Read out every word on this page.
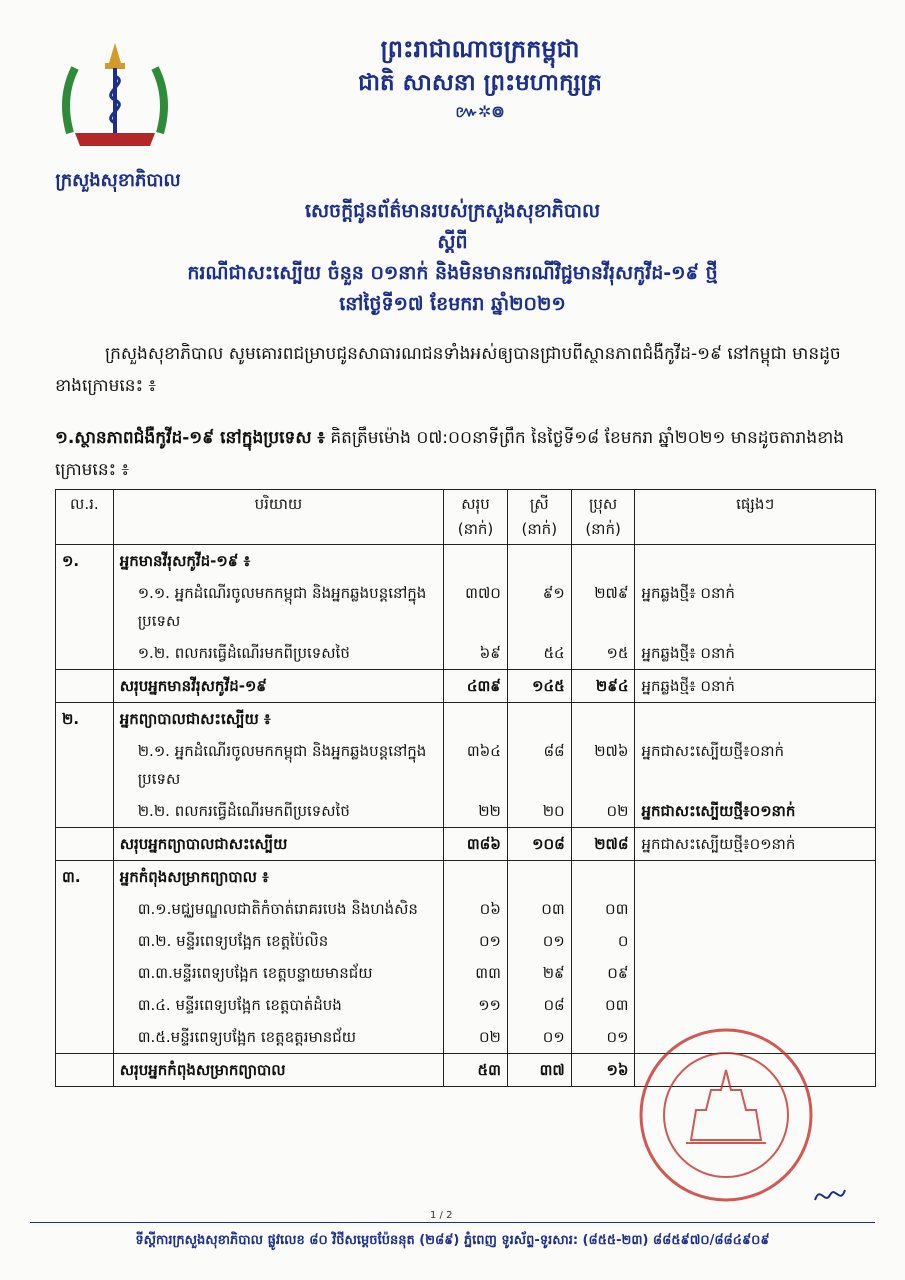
ក្រសួងសុខាភិបាល
ព្រះរាជាណាចក្រកម្ពុជា
ជាតិ សាសនា ព្រះមហាក្សត្រ
៚✲៙
សេចក្តីជូនព័ត៌មានរបស់ក្រសួងសុខាភិបាល
ស្តីពី
ករណីជាសះស្បើយ ចំនួន ០១នាក់ និងមិនមានករណីវិជ្ជមានវីរុសកូវីដ-១៩ ថ្មី
នៅថ្ងៃទី១៧ ខែមករា ឆ្នាំ២០២១
ក្រសួងសុខាភិបាល សូមគោរពជម្រាបជូនសាធារណជនទាំងអស់ឲ្យបានជ្រាបពីស្ថានភាពជំងឺកូវីដ-១៩ នៅកម្ពុជា មានដូចខាងក្រោមនេះ ៖
១.ស្ថានភាពជំងឺកូវីដ-១៩ នៅក្នុងប្រទេស ៖ គិតត្រឹមម៉ោង ០៧:០០នាទីព្រឹក នៃថ្ងៃទី១៨ ខែមករា ឆ្នាំ២០២១ មានដូចតារាងខាងក្រោមនេះ ៖
ល.រ.	បរិយាយ	សរុប (នាក់)	ស្រី (នាក់)	ប្រុស (នាក់)	ផ្សេងៗ
១.	អ្នកមានវីរុសកូវីដ-១៩ ៖				
	១.១. អ្នកដំណើរចូលមកកម្ពុជា និងអ្នកឆ្លងបន្តនៅក្នុងប្រទេស	៣៧០	៩១	២៧៩	អ្នកឆ្លងថ្មី៖ ០នាក់
	១.២. ពលករធ្វើដំណើរមកពីប្រទេសថៃ	៦៩	៥៤	១៥	អ្នកឆ្លងថ្មី៖ ០នាក់
	សរុបអ្នកមានវីរុសកូវីដ-១៩	៤៣៩	១៤៥	២៩៤	អ្នកឆ្លងថ្មី៖ ០នាក់
២.	អ្នកព្យាបាលជាសះស្បើយ ៖				
	២.១. អ្នកដំណើរចូលមកកម្ពុជា និងអ្នកឆ្លងបន្តនៅក្នុងប្រទេស	៣៦៤	៨៨	២៧៦	អ្នកជាសះស្បើយថ្មី៖០នាក់
	២.២. ពលករធ្វើដំណើរមកពីប្រទេសថៃ	២២	២០	០២	អ្នកជាសះស្បើយថ្មី៖០១នាក់
	សរុបអ្នកព្យាបាលជាសះស្បើយ	៣៨៦	១០៨	២៧៨	អ្នកជាសះស្បើយថ្មី៖០១នាក់
៣.	អ្នកកំពុងសម្រាកព្យាបាល ៖				
	៣.១.មជ្ឈមណ្ឌលជាតិកំចាត់រោគរបេង និងហង់សិន	០៦	០៣	០៣	
	៣.២. មន្ទីរពេទ្យបង្អែក ខេត្តប៉ៃលិន	០១	០១	០	
	៣.៣.មន្ទីរពេទ្យបង្អែក ខេត្តបន្ទាយមានជ័យ	៣៣	២៩	០៩	
	៣.៤. មន្ទីរពេទ្យបង្អែក ខេត្តបាត់ដំបង	១១	០៨	០៣	
	៣.៥.មន្ទីរពេទ្យបង្អែក ខេត្តឧត្តរមានជ័យ	០២	០១	០១	
	សរុបអ្នកកំពុងសម្រាកព្យាបាល	៥៣	៣៧	១៦	
1 / 2
ទីស្តីការក្រសួងសុខាភិបាល ផ្លូវលេខ ៨០ វិថីសម្តេចប៉ែននុត (២៨៩) ភ្នំពេញ ទូរស័ព្ទ-ទូរសារ: (៨៥៥-២៣) ៨៨៥៩៧០/៨៨៤៩០៩
